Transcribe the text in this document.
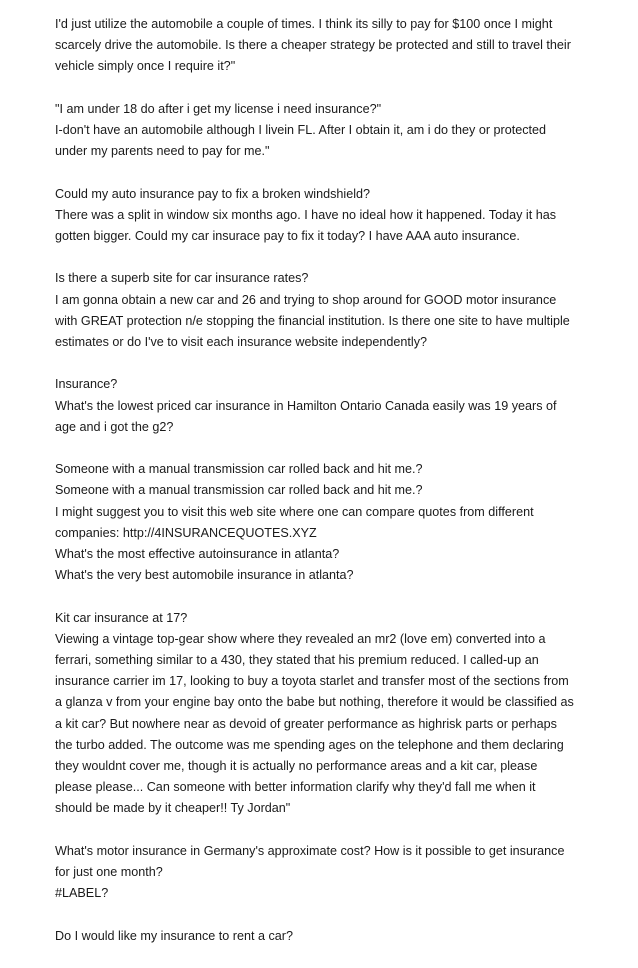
I'd just utilize the automobile a couple of times. I think its silly to pay for $100 once I might
scarcely drive the automobile. Is there a cheaper strategy be protected and still to travel their
vehicle simply once I require it?"

"I am under 18 do after i get my license i need insurance?"
I-don't have an automobile although I livein FL. After I obtain it, am i do they or protected
under my parents need to pay for me."

Could my auto insurance pay to fix a broken windshield?
There was a split in window six months ago. I have no ideal how it happened. Today it has
gotten bigger. Could my car insurace pay to fix it today? I have AAA auto insurance.

Is there a superb site for car insurance rates?
I am gonna obtain a new car and 26 and trying to shop around for GOOD motor insurance
with GREAT protection n/e stopping the financial institution. Is there one site to have multiple
estimates or do I've to visit each insurance website independently?

Insurance?
What's the lowest priced car insurance in Hamilton Ontario Canada easily was 19 years of
age and i got the g2?

Someone with a manual transmission car rolled back and hit me.?
Someone with a manual transmission car rolled back and hit me.?
I might suggest you to visit this web site where one can compare quotes from different
companies: http://4INSURANCEQUOTES.XYZ
What's the most effective autoinsurance in atlanta?
What's the very best automobile insurance in atlanta?

Kit car insurance at 17?
Viewing a vintage top-gear show where they revealed an mr2 (love em) converted into a
ferrari, something similar to a 430, they stated that his premium reduced. I called-up an
insurance carrier im 17, looking to buy a toyota starlet and transfer most of the sections from
a glanza v from your engine bay onto the babe but nothing, therefore it would be classified as
a kit car? But nowhere near as devoid of greater performance as highrisk parts or perhaps
the turbo added. The outcome was me spending ages on the telephone and them declaring
they wouldnt cover me, though it is actually no performance areas and a kit car, please
please please... Can someone with better information clarify why they'd fall me when it
should be made by it cheaper!! Ty Jordan"

What's motor insurance in Germany's approximate cost? How is it possible to get insurance
for just one month?
#LABEL?

Do I would like my insurance to rent a car?
